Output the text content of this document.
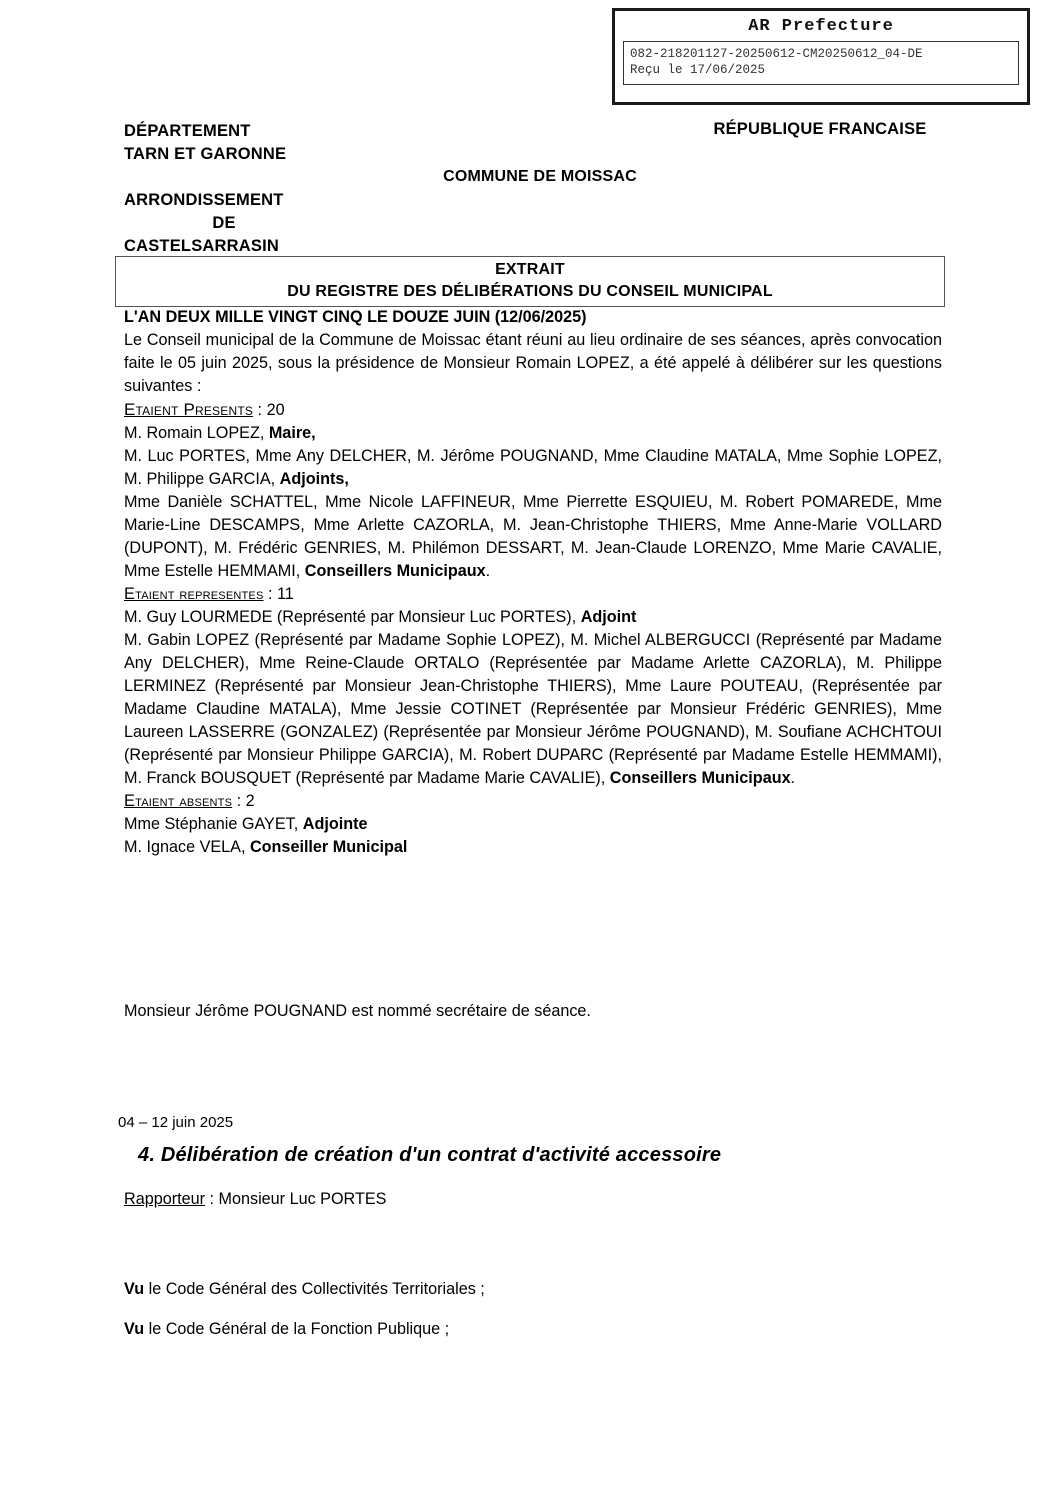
AR Prefecture
082-218201127-20250612-CM20250612_04-DE
Reçu le 17/06/2025
DÉPARTEMENT
TARN ET GARONNE
ARRONDISSEMENT
DE
CASTELSARRASIN
RÉPUBLIQUE FRANCAISE
COMMUNE DE MOISSAC
EXTRAIT
DU REGISTRE DES DÉLIBÉRATIONS DU CONSEIL MUNICIPAL

L'AN DEUX MILLE VINGT CINQ LE DOUZE JUIN (12/06/2025)

Le Conseil municipal de la Commune de Moissac étant réuni au lieu ordinaire de ses séances, après convocation faite le 05 juin 2025, sous la présidence de Monsieur Romain LOPEZ, a été appelé à délibérer sur les questions suivantes :

Etaient Presents : 20

M. Romain LOPEZ, Maire,

M. Luc PORTES, Mme Any DELCHER, M. Jérôme POUGNAND, Mme Claudine MATALA, Mme Sophie LOPEZ, M. Philippe GARCIA, Adjoints,

Mme Danièle SCHATTEL, Mme Nicole LAFFINEUR, Mme Pierrette ESQUIEU, M. Robert POMAREDE, Mme Marie-Line DESCAMPS, Mme Arlette CAZORLA, M. Jean-Christophe THIERS, Mme Anne-Marie VOLLARD (DUPONT), M. Frédéric GENRIES, M. Philémon DESSART, M. Jean-Claude LORENZO, Mme Marie CAVALIE, Mme Estelle HEMMAMI, Conseillers Municipaux.

Etaient representes : 11

M. Guy LOURMEDE (Représenté par Monsieur Luc PORTES), Adjoint

M. Gabin LOPEZ (Représenté par Madame Sophie LOPEZ), M. Michel ALBERGUCCI (Représenté par Madame Any DELCHER), Mme Reine-Claude ORTALO (Représentée par Madame Arlette CAZORLA), M. Philippe LERMINEZ (Représenté par Monsieur Jean-Christophe THIERS), Mme Laure POUTEAU, (Représentée par Madame Claudine MATALA), Mme Jessie COTINET (Représentée par Monsieur Frédéric GENRIES), Mme Laureen LASSERRE (GONZALEZ) (Représentée par Monsieur Jérôme POUGNAND), M. Soufiane ACHCHTOUI (Représenté par Monsieur Philippe GARCIA), M. Robert DUPARC (Représenté par Madame Estelle HEMMAMI), M. Franck BOUSQUET (Représenté par Madame Marie CAVALIE), Conseillers Municipaux.

Etaient absents : 2

Mme Stéphanie GAYET, Adjointe

M. Ignace VELA, Conseiller Municipal

Monsieur Jérôme POUGNAND est nommé secrétaire de séance.
04 – 12 juin 2025
4. Délibération de création d'un contrat d'activité accessoire
Rapporteur : Monsieur Luc PORTES
Vu le Code Général des Collectivités Territoriales ;
Vu le Code Général de la Fonction Publique ;
